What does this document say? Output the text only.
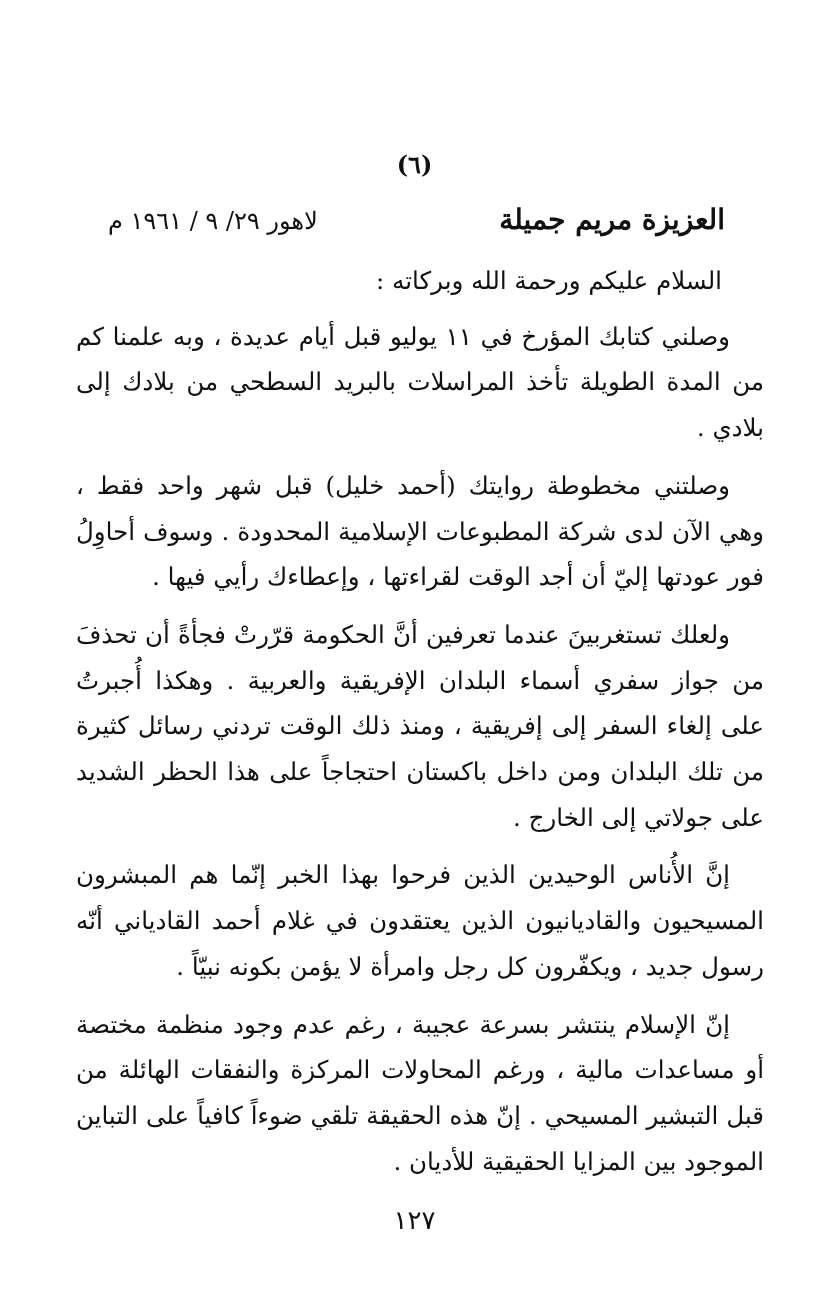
(٦)
العزيزة مريم جميلة
لاهور ٢٩/ ٩ / ١٩٦١ م

السلام عليكم ورحمة الله وبركاته :

وصلني كتابك المؤرخ في ١١ يوليو قبل أيام عديدة ، وبه علمنا كم من المدة الطويلة تأخذ المراسلات بالبريد السطحي من بلادك إلى بلادي .

وصلتني مخطوطة روايتك (أحمد خليل) قبل شهر واحد فقط ، وهي الآن لدى شركة المطبوعات الإسلامية المحدودة . وسوف أحاوِلُ فور عودتها إليّ أن أجد الوقت لقراءتها ، وإعطاءك رأيي فيها .

ولعلك تستغربينَ عندما تعرفين أنَّ الحكومة قرّرتْ فجأةً أن تحذفَ من جواز سفري أسماء البلدان الإفريقية والعربية . وهكذا أُجبرتُ على إلغاء السفر إلى إفريقية ، ومنذ ذلك الوقت تردني رسائل كثيرة من تلك البلدان ومن داخل باكستان احتجاجاً على هذا الحظر الشديد على جولاتي إلى الخارج .

إنَّ الأُناس الوحيدين الذين فرحوا بهذا الخبر إنّما هم المبشرون المسيحيون والقاديانيون الذين يعتقدون في غلام أحمد القادياني أنّه رسول جديد ، ويكفّرون كل رجل وامرأة لا يؤمن بكونه نبيّاً .

إنّ الإسلام ينتشر بسرعة عجيبة ، رغم عدم وجود منظمة مختصة أو مساعدات مالية ، ورغم المحاولات المركزة والنفقات الهائلة من قبل التبشير المسيحي . إنّ هذه الحقيقة تلقي ضوءاً كافياً على التباين الموجود بين المزايا الحقيقية للأديان .

١٢٧
